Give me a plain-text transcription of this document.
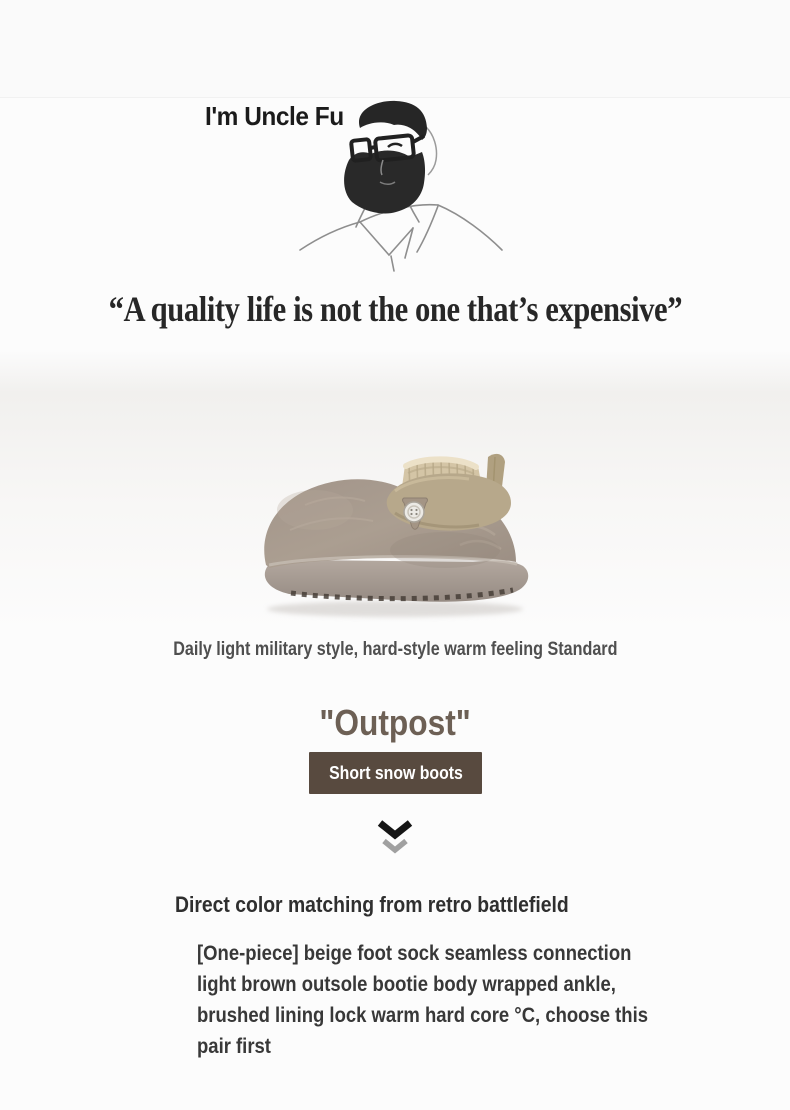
I'm Uncle Fu
“A quality life is not the one that’s expensive”
Daily light military style, hard-style warm feeling Standard
"Outpost"
Short snow boots
Direct color matching from retro battlefield
[One-piece] beige foot sock seamless connection
light brown outsole bootie body wrapped ankle,
brushed lining lock warm hard core °C, choose this
pair first
